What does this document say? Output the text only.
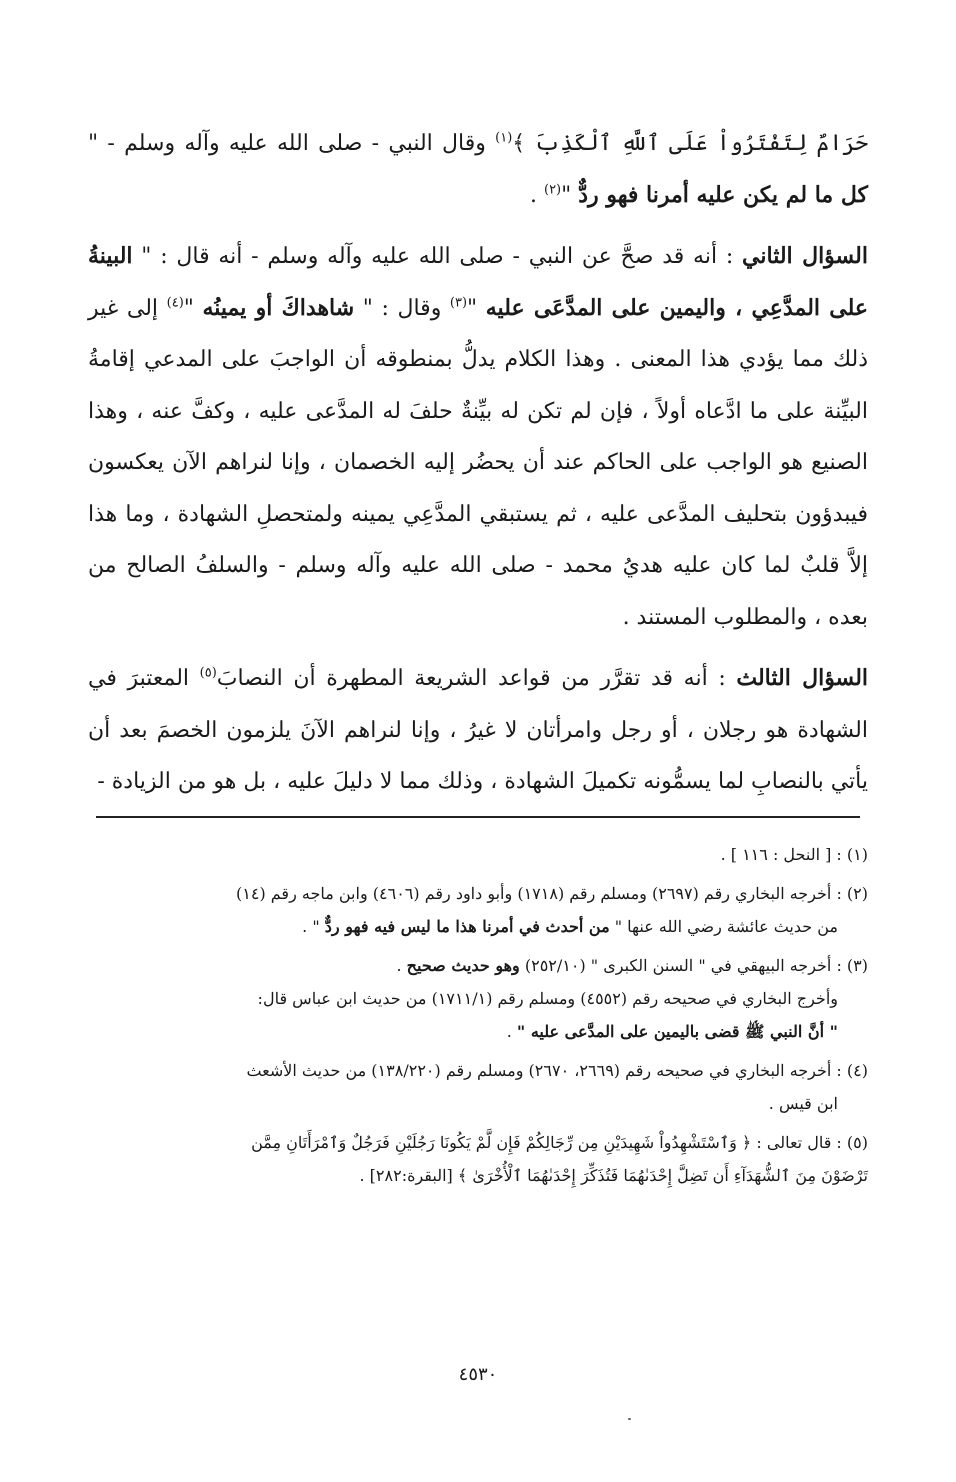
حَرَامٌ لِتَفْتَرُواْ عَلَى ٱللَّهِ ٱلْكَذِبَ ﴾$^{(١)}$ وقال النبي - صلى الله عليه وآله وسلم - " كل ما لم يكن عليه أمرنا فهو ردٌّ "$^{(٢)}$ .

السؤال الثاني : أنه قد صحَّ عن النبي - صلى الله عليه وآله وسلم - أنه قال : " البينةُ على المدَّعِي ، واليمين على المدَّعَى عليه "$^{(٣)}$ وقال : " شاهداكَ أو يمينُه "$^{(٤)}$ إلى غير ذلك مما يؤدي هذا المعنى . وهذا الكلام يدلُّ بمنطوقه أن الواجبَ على المدعي إقامةُ البيِّنة على ما ادَّعاه أولاً ، فإن لم تكن له بيِّنةٌ حلفَ له المدَّعى عليه ، وكفَّ عنه ، وهذا الصنيع هو الواجب على الحاكم عند أن يحضُر إليه الخصمان ، وإنا لنراهم الآن يعكسون فيبدؤون بتحليف المدَّعى عليه ، ثم يستبقي المدَّعِي يمينه ولمتحصلِ الشهادة ، وما هذا إلاَّ قلبٌ لما كان عليه هديُ محمد - صلى الله عليه وآله وسلم - والسلفُ الصالح من بعده ، والمطلوب المستند .

السؤال الثالث : أنه قد تقرَّر من قواعد الشريعة المطهرة أن النصابَ$^{(٥)}$ المعتبرَ في الشهادة هو رجلان ، أو رجل وامرأتان لا غيرُ ، وإنا لنراهم الآنَ يلزمون الخصمَ بعد أن يأتي بالنصابِ لما يسمُّونه تكميلَ الشهادة ، وذلك مما لا دليلَ عليه ، بل هو من الزيادة -

(١) : [ النحل : ١١٦ ] .

(٢) : أخرجه البخاري رقم (٢٦٩٧) ومسلم رقم (١٧١٨) وأبو داود رقم (٤٦٠٦) وابن ماجه رقم (١٤)
من حديث عائشة رضي الله عنها " من أحدث في أمرنا هذا ما ليس فيه فهو ردٌّ " .

(٣) : أخرجه البيهقي في " السنن الكبرى " (٢٥٢/١٠) وهو حديث صحيح .
وأخرج البخاري في صحيحه رقم (٤٥٥٢) ومسلم رقم (١٧١١/١) من حديث ابن عباس قال:
" أنَّ النبي ﷺ قضى باليمين على المدَّعى عليه " .

(٤) : أخرجه البخاري في صحيحه رقم (٢٦٦٩، ٢٦٧٠) ومسلم رقم (١٣٨/٢٢٠) من حديث الأشعث
ابن قيس .

(٥) : قال تعالى : ﴿ وَٱسْتَشْهِدُواْ شَهِيدَيْنِ مِن رِّجَالِكُمْ فَإِن لَّمْ يَكُونَا رَجُلَيْنِ فَرَجُلٌ وَٱمْرَأَتَانِ مِمَّن
تَرْضَوْنَ مِنَ ٱلشُّهَدَآءِ أَن تَضِلَّ إِحْدَىٰهُمَا فَتُذَكِّرَ إِحْدَىٰهُمَا ٱلْأُخْرَىٰ ﴾ [البقرة:٢٨٢] .

٤٥٣٠
